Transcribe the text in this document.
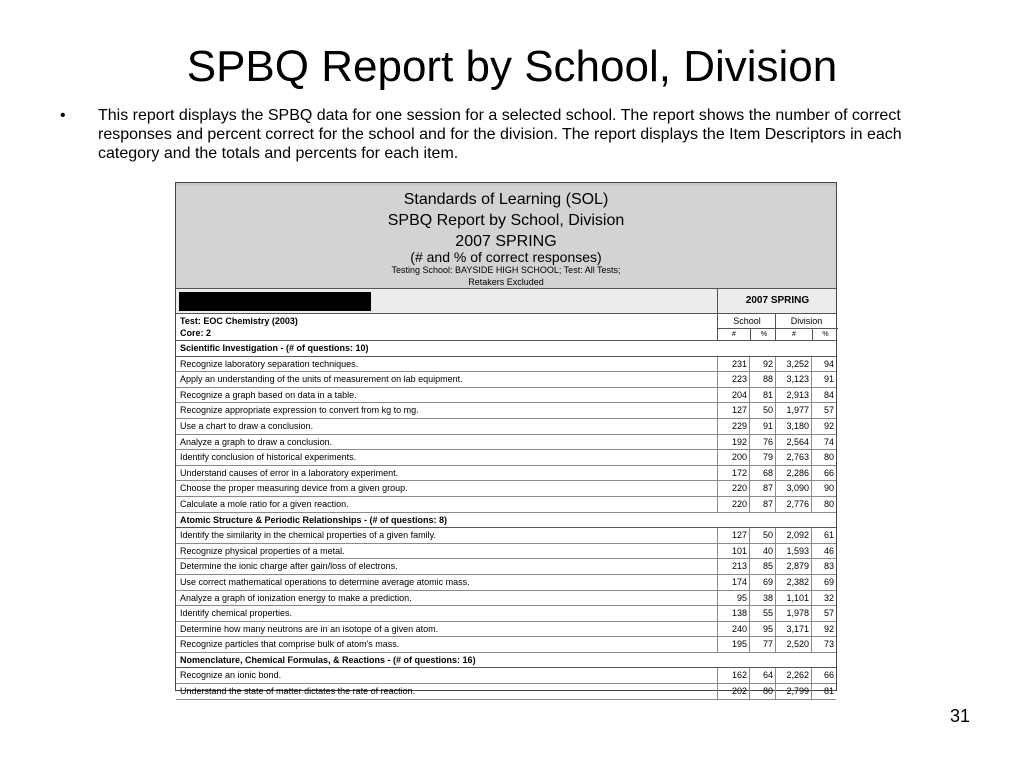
SPBQ Report by School, Division
• This report displays the SPBQ data for one session for a selected school. The report shows the number of correct responses and percent correct for the school and for the division. The report displays the Item Descriptors in each category and the totals and percents for each item.
Standards of Learning (SOL)
SPBQ Report by School, Division
2007 SPRING
(# and % of correct responses)
Testing School: BAYSIDE HIGH SCHOOL; Test: All Tests;
Retakers Excluded
2007 SPRING
Test: EOC Chemistry (2003)
Core: 2
School
#	%
Division
#	%
Scientific Investigation - (# of questions: 10)
Recognize laboratory separation techniques.	231	92	3,252	94
Apply an understanding of the units of measurement on lab equipment.	223	88	3,123	91
Recognize a graph based on data in a table.	204	81	2,913	84
Recognize appropriate expression to convert from kg to mg.	127	50	1,977	57
Use a chart to draw a conclusion.	229	91	3,180	92
Analyze a graph to draw a conclusion.	192	76	2,564	74
Identify conclusion of historical experiments.	200	79	2,763	80
Understand causes of error in a laboratory experiment.	172	68	2,286	66
Choose the proper measuring device from a given group.	220	87	3,090	90
Calculate a mole ratio for a given reaction.	220	87	2,776	80
Atomic Structure & Periodic Relationships - (# of questions: 8)
Identify the similarity in the chemical properties of a given family.	127	50	2,092	61
Recognize physical properties of a metal.	101	40	1,593	46
Determine the ionic charge after gain/loss of electrons.	213	85	2,879	83
Use correct mathematical operations to determine average atomic mass.	174	69	2,382	69
Analyze a graph of ionization energy to make a prediction.	95	38	1,101	32
Identify chemical properties.	138	55	1,978	57
Determine how many neutrons are in an isotope of a given atom.	240	95	3,171	92
Recognize particles that comprise bulk of atom's mass.	195	77	2,520	73
Nomenclature, Chemical Formulas, & Reactions - (# of questions: 16)
Recognize an ionic bond.	162	64	2,262	66
Understand the state of matter dictates the rate of reaction.	202	80	2,799	81
31
